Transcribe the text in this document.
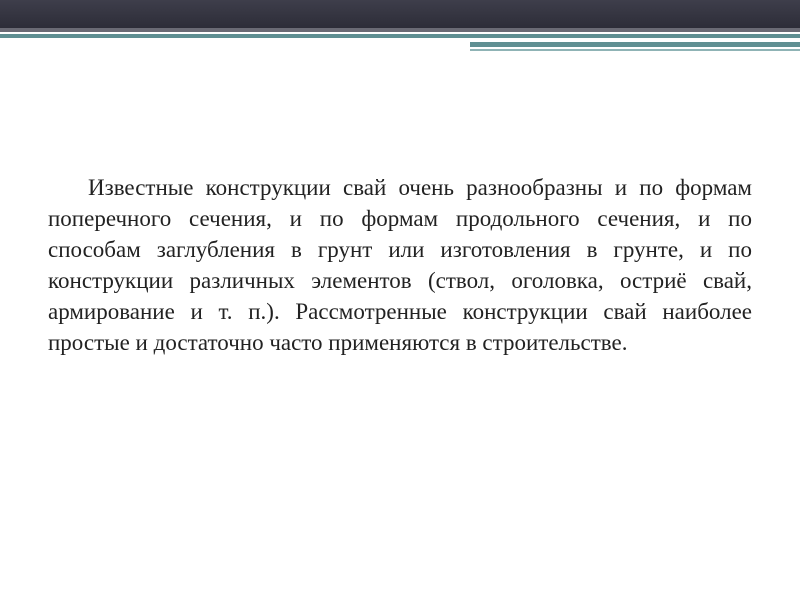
Известные конструкции свай очень разнообразны и по формам поперечного сечения, и по формам продольного сечения, и по способам заглубления в грунт или изготовления в грунте, и по конструкции различных элементов (ствол, оголовка, остриё свай, армирование и т. п.). Рассмотренные конструкции свай наиболее простые и достаточно часто применяются в строительстве.
